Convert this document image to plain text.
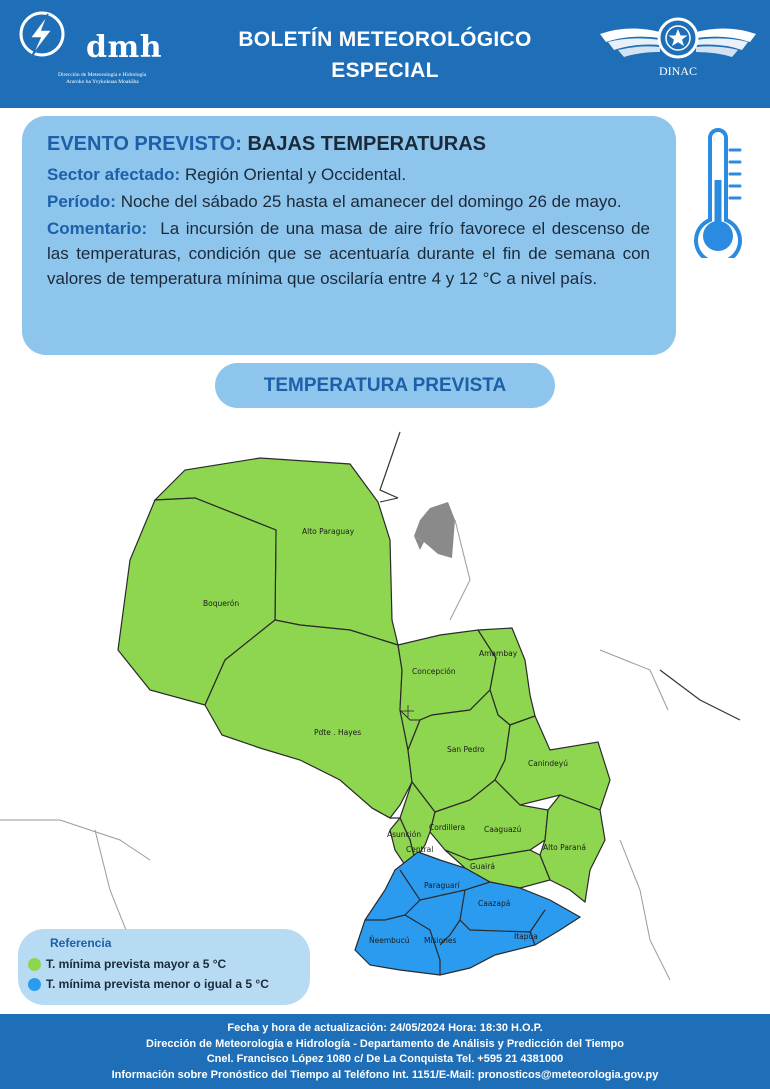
dmh
Dirección de Meteorología e Hidrología
Araroko ha Yvykokuaa Moakãha
BOLETÍN METEOROLÓGICO
ESPECIAL	DINAC
EVENTO PREVISTO: BAJAS TEMPERATURAS
Sector afectado: Región Oriental y Occidental.
Período: Noche del sábado 25 hasta el amanecer del domingo 26 de mayo.
Comentario: La incursión de una masa de aire frío favorece el descenso de las temperaturas, condición que se acentuaría durante el fin de semana con valores de temperatura mínima que oscilaría entre 4 y 12 °C a nivel país.
TEMPERATURA PREVISTA
Alto Paraguay
Boquerón
Pdte . Hayes
Concepción
Amambay
San Pedro
Canindeyú
Asunción
Central
Cordillera	Caaguazú
Alto Paraná
Guairá
Paraguarí
Caazapá
Ñeembucú Misiones	Itapúa
Referencia
T. mínima prevista mayor a 5 °C
T. mínima prevista menor o igual a 5 °C
Fecha y hora de actualización: 24/05/2024 Hora: 18:30 H.O.P.
Dirección de Meteorología e Hidrología - Departamento de Análisis y Predicción del Tiempo
Cnel. Francisco López 1080 c/ De La Conquista Tel. +595 21 4381000
Información sobre Pronóstico del Tiempo al Teléfono Int. 1151/E-Mail: pronosticos@meteorologia.gov.py
